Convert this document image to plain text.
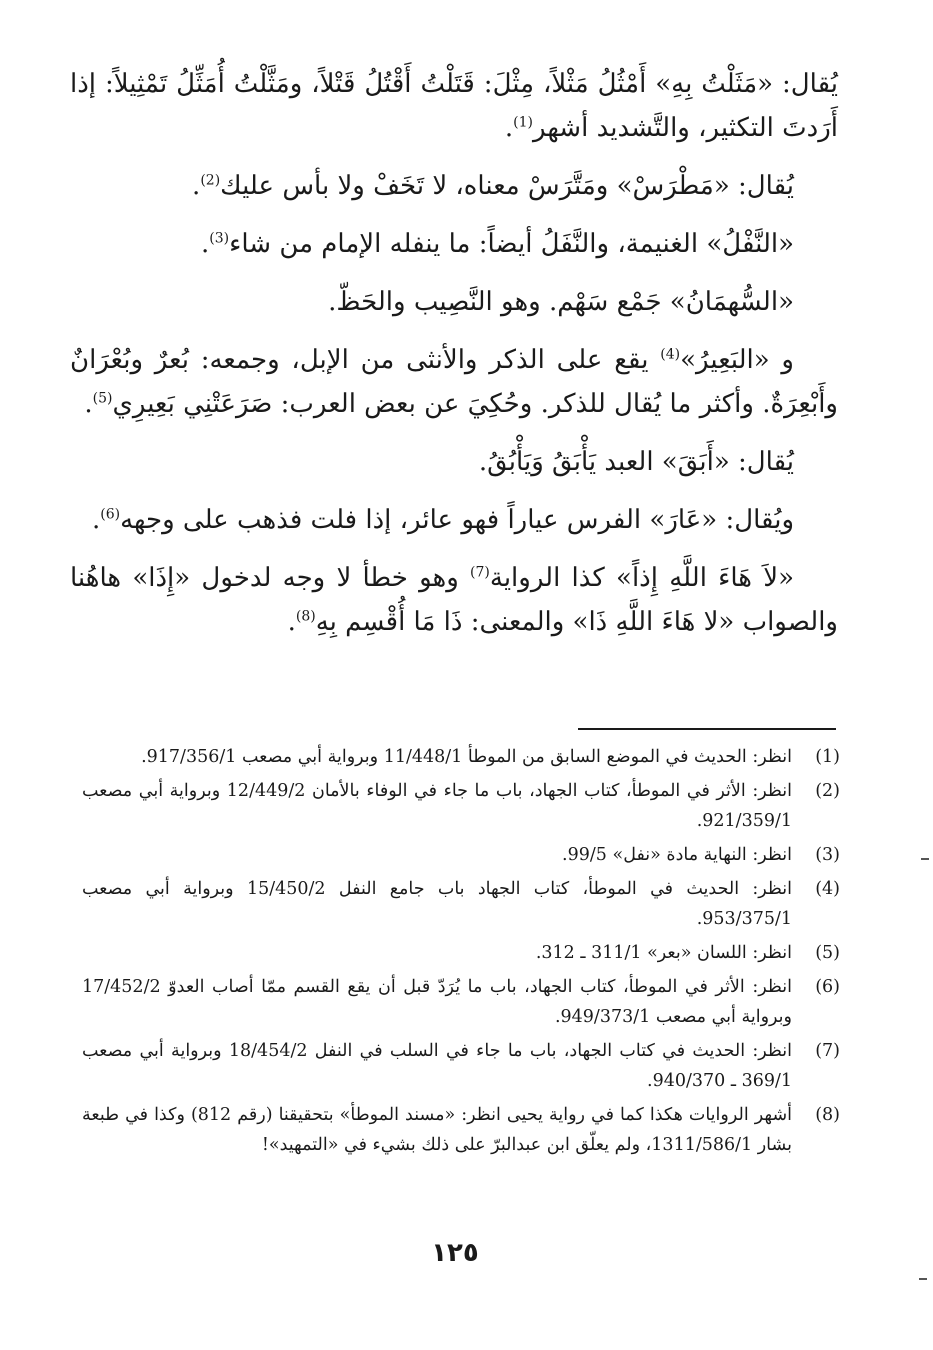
يُقال: «مَثَلْتُ بِهِ» أَمْثُلُ مَثْلاً، مِثْلَ: قَتَلْتُ أَقْتُلُ قَتْلاً، ومَثَّلْتُ أُمَثِّلُ تَمْثِيلاً: إذا أَرَدتَ التكثير، والتَّشديد أشهر$^{(1)}$.

يُقال: «مَطْرَسْ» ومَتَّرَسْ معناه، لا تَخَفْ ولا بأس عليك$^{(2)}$.

«النَّفْلُ» الغنيمة، والنَّفَلُ أيضاً: ما ينفله الإمام من شاء$^{(3)}$.

«السُّهمَانُ» جَمْع سَهْم. وهو النَّصِيب والحَظّ.

و «البَعِيرُ»$^{(4)}$ يقع على الذكر والأنثى من الإبل، وجمعه: بُعرٌ وبُعْرَانٌ وأَبْعِرَةٌ. وأكثر ما يُقال للذكر. وحُكِيَ عن بعض العرب: صَرَعَتْنِي بَعِيرِي$^{(5)}$.

يُقال: «أَبَقَ» العبد يَأْبَقُ وَيَأْبُقُ.

ويُقال: «عَارَ» الفرس عياراً فهو عائر، إذا فلت فذهب على وجهه$^{(6)}$.

«لاَ هَاءَ اللَّهِ إِذاً» كذا الرواية$^{(7)}$ وهو خطأ لا وجه لدخول «إِذَا» هاهُنا والصواب «لا هَاءَ اللَّهِ ذَا» والمعنى: ذَا مَا أُقْسِم بِهِ$^{(8)}$.

(1)
انظر: الحديث في الموضع السابق من الموطأ 11/448/1 وبرواية أبي مصعب 917/356/1.
(2)
انظر: الأثر في الموطأ، كتاب الجهاد، باب ما جاء في الوفاء بالأمان 12/449/2 وبرواية أبي مصعب 921/359/1.
(3)
انظر: النهاية مادة «نفل» 99/5.
(4)
انظر: الحديث في الموطأ، كتاب الجهاد باب جامع النفل 15/450/2 وبرواية أبي مصعب 953/375/1.
(5)
انظر: اللسان «بعر» 311/1 ـ 312.
(6)
انظر: الأثر في الموطأ، كتاب الجهاد، باب ما يُرَدّ قبل أن يقع القسم ممّا أصاب العدوّ 17/452/2 وبرواية أبي مصعب 949/373/1.
(7)
انظر: الحديث في كتاب الجهاد، باب ما جاء في السلب في النفل 18/454/2 وبرواية أبي مصعب 369/1 ـ 940/370.
(8)
أشهر الروايات هكذا كما في رواية يحيى انظر: «مسند الموطأ» بتحقيقنا (رقم 812) وكذا في طبعة بشار 1311/586/1، ولم يعلّق ابن عبدالبرّ على ذلك بشيء في «التمهيد»!
١٢٥
